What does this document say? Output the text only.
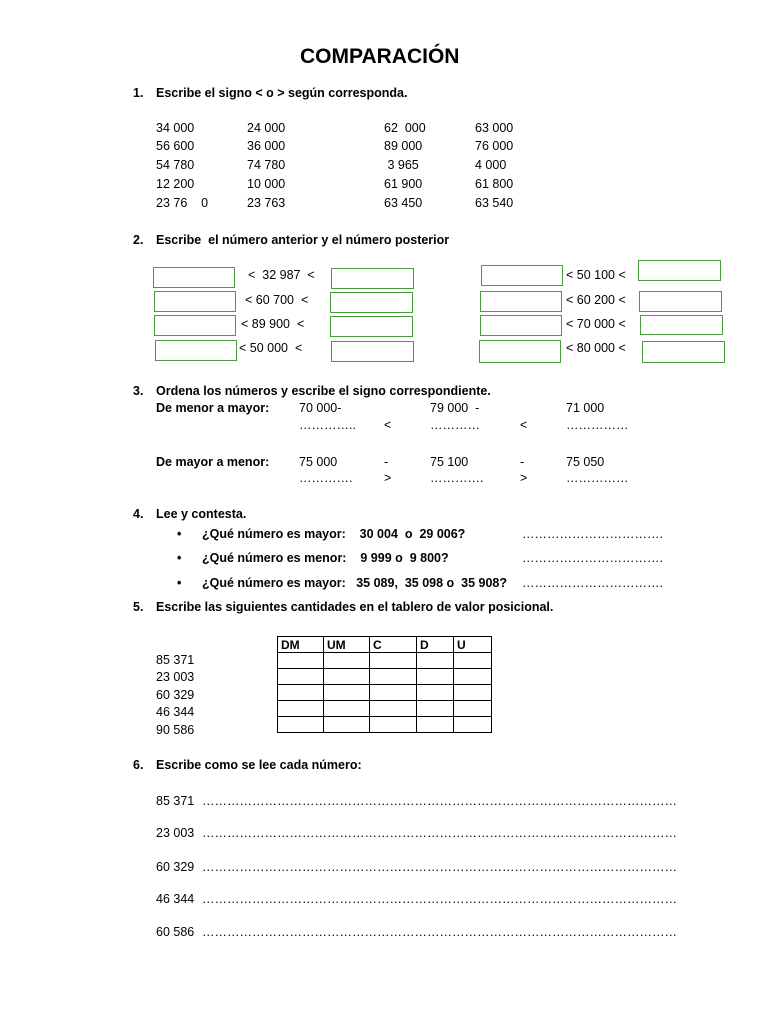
COMPARACIÓN
1. Escribe el signo < o > según corresponda.
34 000	24 000	62  000	63 000
56 600	36 000	89 000	76 000
54 780	74 780	3 965	4 000
12 200	10 000	61 900	61 800
23 76    0	23 763	63 450	63 540
2. Escribe  el número anterior y el número posterior
<  32 987  <
< 60 700  <
< 89 900  <
< 50 000  <
< 50 100 <
< 60 200 <
< 70 000 <
< 80 000 <
3. Ordena los números y escribe el signo correspondiente.
De menor a mayor: 70 000-	79 000  -	71 000
………….. <	…………	<	……………
De mayor a menor: 75 000	-	75 100	-	75 050
………….	>	………….	>	……………
4. Lee y contesta.
• ¿Qué número es mayor:    30 004  o  29 006?	…………………………….
• ¿Qué número es menor:    9 999 o  9 800?	…………………………….
• ¿Qué número es mayor:   35 089,  35 098 o  35 908? …………………………….
5. Escribe las siguientes cantidades en el tablero de valor posicional.
85 371
23 003
60 329
46 344
90 586
DM	UM	C	D	U

6. Escribe como se lee cada número:
85 371 ……………………………………………………………………………………………………
23 003 ……………………………………………………………………………………………………
60 329 ……………………………………………………………………………………………………
46 344 ……………………………………………………………………………………………………
60 586 ……………………………………………………………………………………………………
